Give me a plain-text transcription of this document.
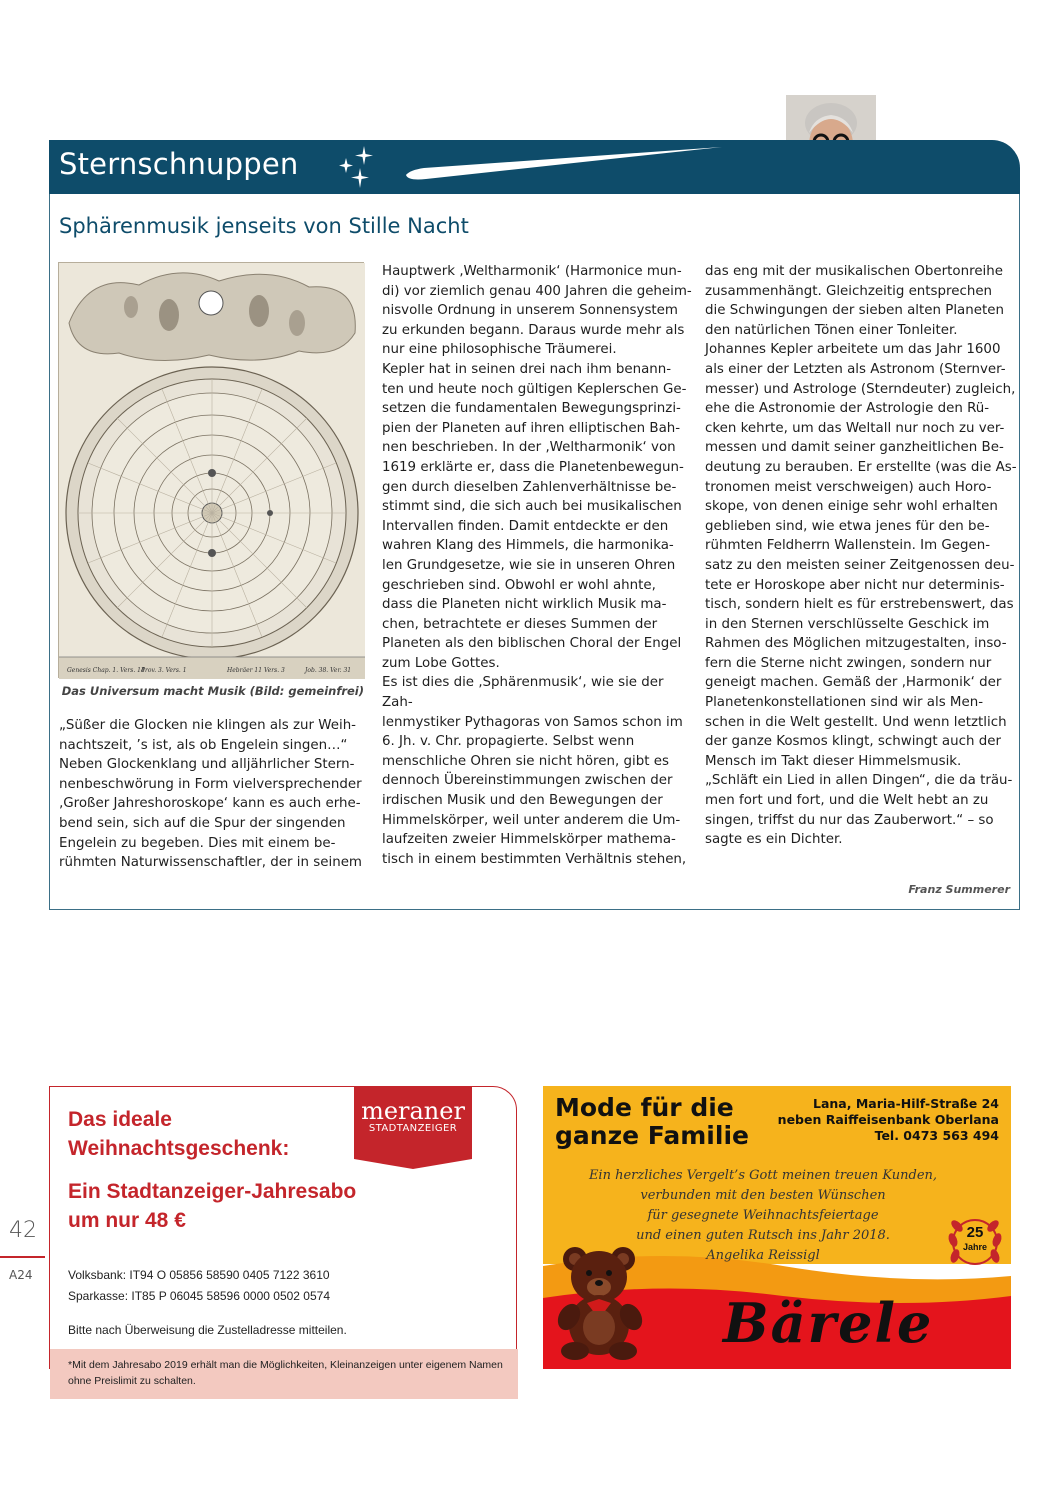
Sternschnuppen
Sphärenmusik jenseits von Stille Nacht
Genesis Chap. 1. Vers. 14
Prov. 3. Vers. 1	Hebräer 11 Vers. 3	Job. 38. Ver. 31
Das Universum macht Musik (Bild: gemeinfrei)
„Süßer die Glocken nie klingen als zur Weih-
nachtszeit, ’s ist, als ob Engelein singen…“
Neben Glockenklang und alljährlicher Stern-
nenbeschwörung in Form vielversprechender
‚Großer Jahreshoroskope‘ kann es auch erhe-
bend sein, sich auf die Spur der singenden
Engelein zu begeben. Dies mit einem be-
rühmten Naturwissenschaftler, der in seinem
Hauptwerk ‚Weltharmonik‘ (Harmonice mun-
di) vor ziemlich genau 400 Jahren die geheim-
nisvolle Ordnung in unserem Sonnensystem
zu erkunden begann. Daraus wurde mehr als
nur eine philosophische Träumerei.
Kepler hat in seinen drei nach ihm benann-
ten und heute noch gültigen Keplerschen Ge-
setzen die fundamentalen Bewegungsprinzi-
pien der Planeten auf ihren elliptischen Bah-
nen beschrieben. In der ‚Weltharmonik‘ von
1619 erklärte er, dass die Planetenbewegun-
gen durch dieselben Zahlenverhältnisse be-
stimmt sind, die sich auch bei musikalischen
Intervallen finden. Damit entdeckte er den
wahren Klang des Himmels, die harmonika-
len Grundgesetze, wie sie in unseren Ohren
geschrieben sind. Obwohl er wohl ahnte,
dass die Planeten nicht wirklich Musik ma-
chen, betrachtete er dieses Summen der
Planeten als den biblischen Choral der Engel
zum Lobe Gottes.
Es ist dies die ‚Sphärenmusik‘, wie sie der Zah-
lenmystiker Pythagoras von Samos schon im
6. Jh. v. Chr. propagierte. Selbst wenn
menschliche Ohren sie nicht hören, gibt es
dennoch Übereinstimmungen zwischen der
irdischen Musik und den Bewegungen der
Himmelskörper, weil unter anderem die Um-
laufzeiten zweier Himmelskörper mathema-
tisch in einem bestimmten Verhältnis stehen,
das eng mit der musikalischen Obertonreihe
zusammenhängt. Gleichzeitig entsprechen
die Schwingungen der sieben alten Planeten
den natürlichen Tönen einer Tonleiter.
Johannes Kepler arbeitete um das Jahr 1600
als einer der Letzten als Astronom (Sternver-
messer) und Astrologe (Sterndeuter) zugleich,
ehe die Astronomie der Astrologie den Rü-
cken kehrte, um das Weltall nur noch zu ver-
messen und damit seiner ganzheitlichen Be-
deutung zu berauben. Er erstellte (was die As-
tronomen meist verschweigen) auch Horo-
skope, von denen einige sehr wohl erhalten
geblieben sind, wie etwa jenes für den be-
rühmten Feldherrn Wallenstein. Im Gegen-
satz zu den meisten seiner Zeitgenossen deu-
tete er Horoskope aber nicht nur determinis-
tisch, sondern hielt es für erstrebenswert, das
in den Sternen verschlüsselte Geschick im
Rahmen des Möglichen mitzugestalten, inso-
fern die Sterne nicht zwingen, sondern nur
geneigt machen. Gemäß der ‚Harmonik‘ der
Planetenkonstellationen sind wir als Men-
schen in die Welt gestellt. Und wenn letztlich
der ganze Kosmos klingt, schwingt auch der
Mensch im Takt dieser Himmelsmusik.
„Schläft ein Lied in allen Dingen“, die da träu-
men fort und fort, und die Welt hebt an zu
singen, triffst du nur das Zauberwort.“ – so
sagte es ein Dichter.
Franz Summerer
42
A24
Das ideale Weihnachtsgeschenk:
Ein Stadtanzeiger-Jahresabo um nur 48 €
meraner
STADTANZEIGER
Volksbank: IT94 O 05856 58590 0405 7122 3610
Sparkasse: IT85 P 06045 58596 0000 0502 0574
Bitte nach Überweisung die Zustelladresse mitteilen.
*Mit dem Jahresabo 2019 erhält man die Möglichkeiten, Kleinanzeigen unter eigenem Namen ohne Preislimit zu schalten.
Mode für die ganze Familie
Lana, Maria-Hilf-Straße 24
neben Raiffeisenbank Oberlana
Tel. 0473 563 494
Ein herzliches Vergelt’s Gott meinen treuen Kunden,
verbunden mit den besten Wünschen
für gesegnete Weihnachtsfeiertage
und einen guten Rutsch ins Jahr 2018.
Angelika Reissigl
25
Jahre
Bärele
